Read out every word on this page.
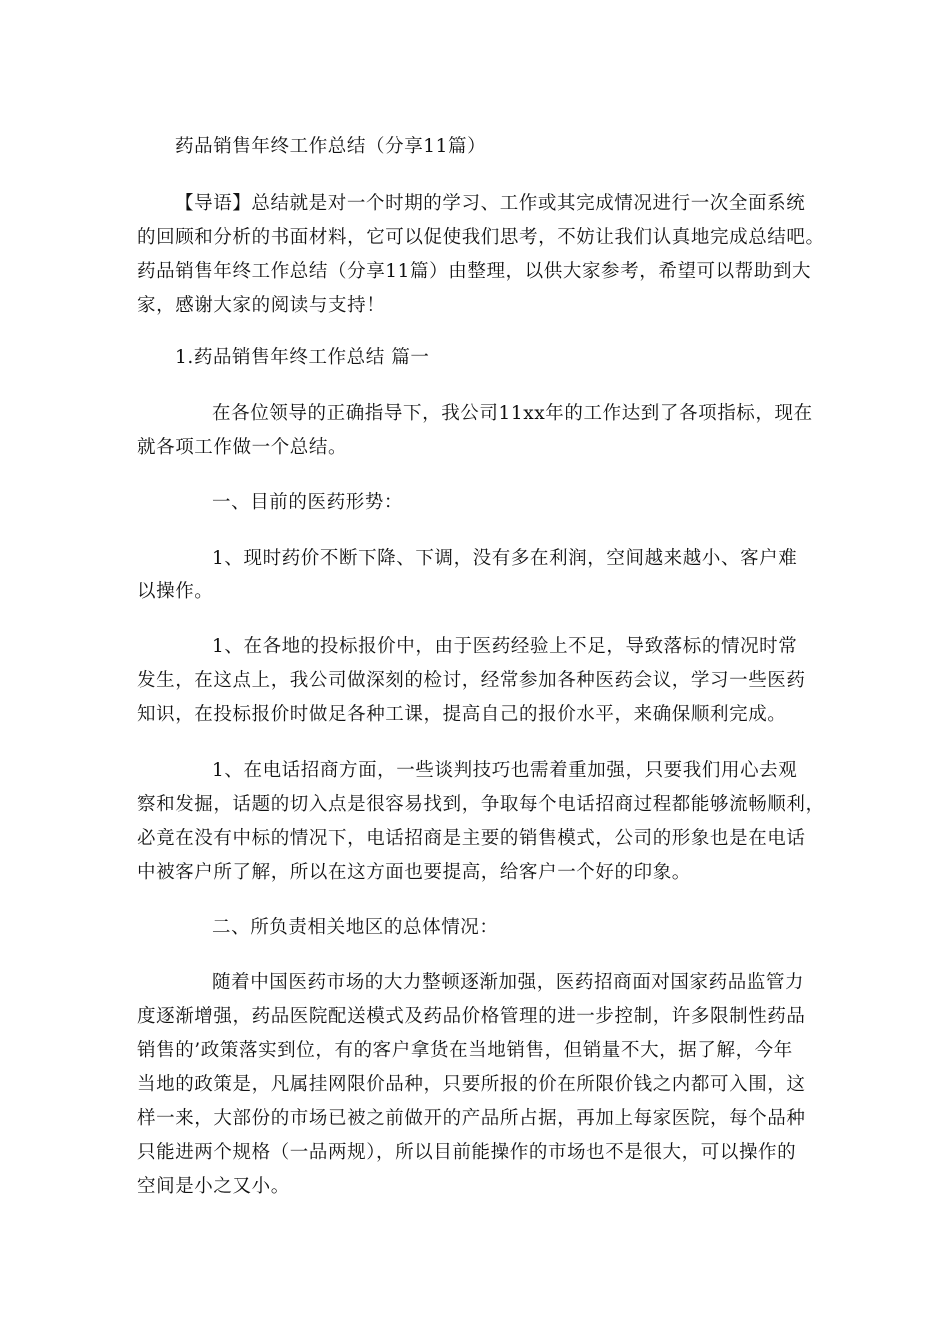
药品销售年终工作总结（分享11篇）

【导语】总结就是对一个时期的学习、工作或其完成情况进行一次全面系统

的回顾和分析的书面材料，它可以促使我们思考，不妨让我们认真地完成总结吧。

药品销售年终工作总结（分享11篇）由整理，以供大家参考，希望可以帮助到大

家，感谢大家的阅读与支持！

1.药品销售年终工作总结 篇一

在各位领导的正确指导下，我公司11xx年的工作达到了各项指标，现在

就各项工作做一个总结。

一、目前的医药形势：

1、现时药价不断下降、下调，没有多在利润，空间越来越小、客户难

以操作。

1、在各地的投标报价中，由于医药经验上不足，导致落标的情况时常

发生，在这点上，我公司做深刻的检讨，经常参加各种医药会议，学习一些医药

知识，在投标报价时做足各种工课，提高自己的报价水平，来确保顺利完成。

1、在电话招商方面，一些谈判技巧也需着重加强，只要我们用心去观

察和发掘，话题的切入点是很容易找到，争取每个电话招商过程都能够流畅顺利，

必竟在没有中标的情况下，电话招商是主要的销售模式，公司的形象也是在电话

中被客户所了解，所以在这方面也要提高，给客户一个好的印象。

二、所负责相关地区的总体情况：

随着中国医药市场的大力整顿逐渐加强，医药招商面对国家药品监管力

度逐渐增强，药品医院配送模式及药品价格管理的进一步控制，许多限制性药品

销售的’政策落实到位，有的客户拿货在当地销售，但销量不大，据了解，今年

当地的政策是，凡属挂网限价品种，只要所报的价在所限价钱之内都可入围，这

样一来，大部份的市场已被之前做开的产品所占据，再加上每家医院，每个品种

只能进两个规格（一品两规），所以目前能操作的市场也不是很大，可以操作的

空间是小之又小。
